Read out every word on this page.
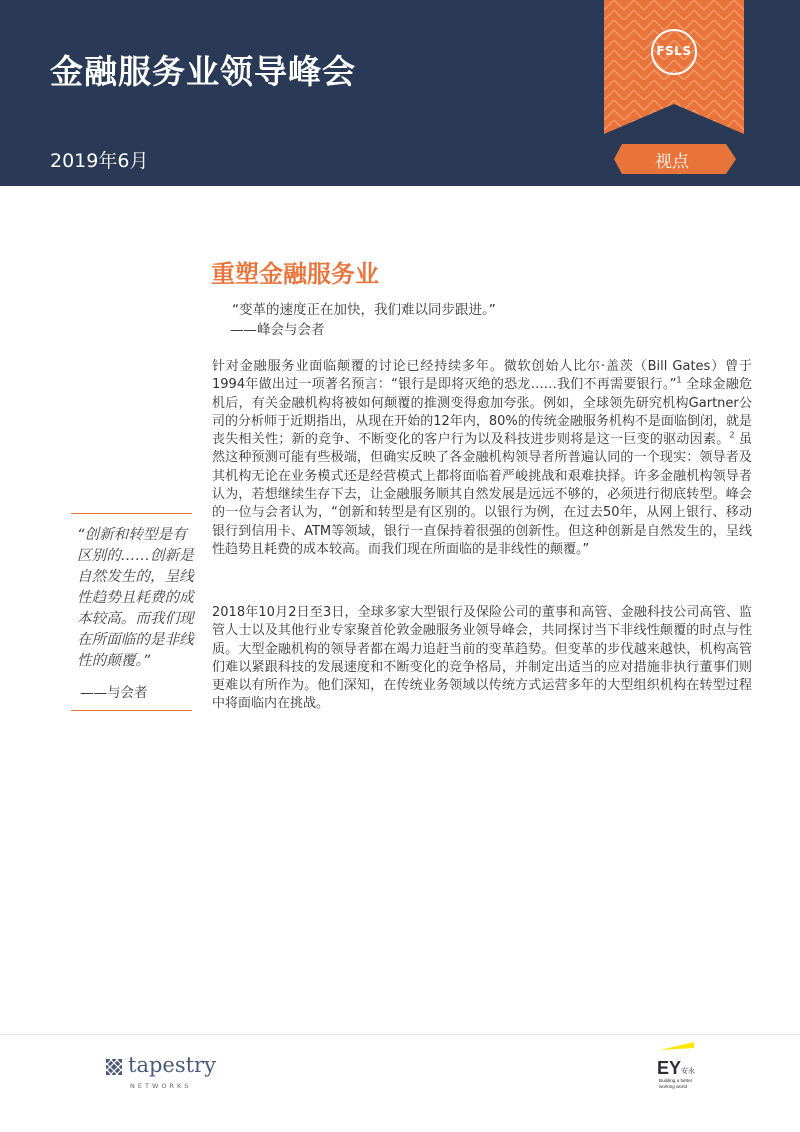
金融服务业领导峰会
2019年6月
FSLS
视点
重塑金融服务业
“变革的速度正在加快，我们难以同步跟进。”
——峰会与会者
针对金融服务业面临颠覆的讨论已经持续多年。微软创始人比尔·盖茨（Bill Gates）曾于1994年做出过一项著名预言：“银行是即将灭绝的恐龙……我们不再需要银行。”$^1$ 全球金融危机后，有关金融机构将被如何颠覆的推测变得愈加夸张。例如，全球领先研究机构Gartner公司的分析师于近期指出，从现在开始的12年内，80%的传统金融服务机构不是面临倒闭，就是丧失相关性；新的竞争、不断变化的客户行为以及科技进步则将是这一巨变的驱动因素。$^2$ 虽然这种预测可能有些极端，但确实反映了各金融机构领导者所普遍认同的一个现实：领导者及其机构无论在业务模式还是经营模式上都将面临着严峻挑战和艰难抉择。许多金融机构领导者认为，若想继续生存下去，让金融服务顺其自然发展是远远不够的，必须进行彻底转型。峰会的一位与会者认为，“创新和转型是有区别的。以银行为例，在过去50年，从网上银行、移动银行到信用卡、ATM等领域，银行一直保持着很强的创新性。但这种创新是自然发生的，呈线性趋势且耗费的成本较高。而我们现在所面临的是非线性的颠覆。”
2018年10月2日至3日，全球多家大型银行及保险公司的董事和高管、金融科技公司高管、监管人士以及其他行业专家聚首伦敦金融服务业领导峰会，共同探讨当下非线性颠覆的时点与性质。大型金融机构的领导者都在竭力追赶当前的变革趋势。但变革的步伐越来越快，机构高管们难以紧跟科技的发展速度和不断变化的竞争格局，并制定出适当的应对措施非执行董事们则更难以有所作为。他们深知，在传统业务领域以传统方式运营多年的大型组织机构在转型过程中将面临内在挑战。
“创新和转型是有区别的……创新是自然发生的，呈线性趋势且耗费的成本较高。而我们现在所面临的是非线性的颠覆。”
——与会者
tapestry
NETWORKS
EY 安永
Building a better
working world
